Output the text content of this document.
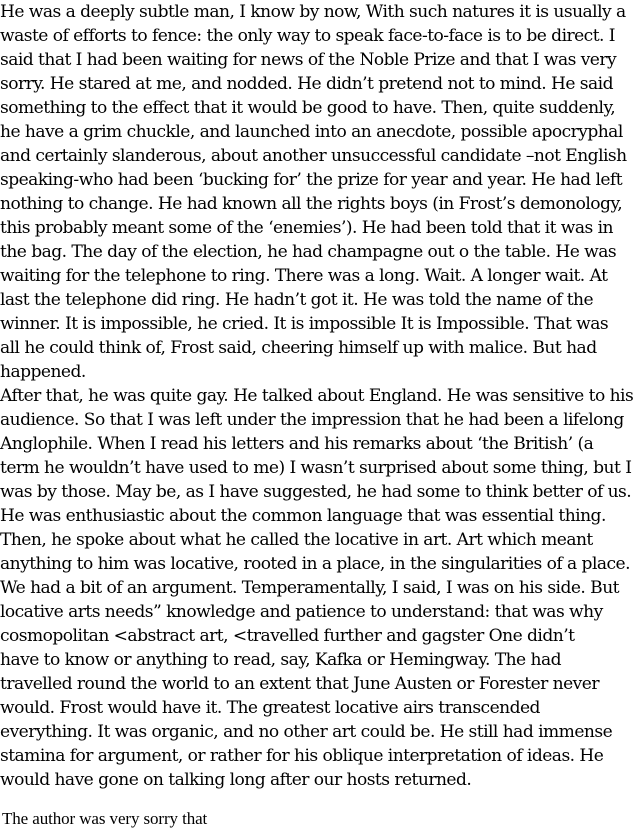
He was a deeply subtle man, I know by now, With such natures it is usually a
waste of efforts to fence: the only way to speak face-to-face is to be direct. I
said that I had been waiting for news of the Noble Prize and that I was very
sorry. He stared at me, and nodded. He didn’t pretend not to mind. He said
something to the effect that it would be good to have. Then, quite suddenly,
he have a grim chuckle, and launched into an anecdote, possible apocryphal
and certainly slanderous, about another unsuccessful candidate –not English
speaking-who had been ‘bucking for’ the prize for year and year. He had left
nothing to change. He had known all the rights boys (in Frost’s demonology,
this probably meant some of the ‘enemies’). He had been told that it was in
the bag. The day of the election, he had champagne out o the table. He was
waiting for the telephone to ring. There was a long. Wait. A longer wait. At
last the telephone did ring. He hadn’t got it. He was told the name of the
winner. It is impossible, he cried. It is impossible It is Impossible. That was
all he could think of, Frost said, cheering himself up with malice. But had
happened.
After that, he was quite gay. He talked about England. He was sensitive to his
audience. So that I was left under the impression that he had been a lifelong
Anglophile. When I read his letters and his remarks about ‘the British’ (a
term he wouldn’t have used to me) I wasn’t surprised about some thing, but I
was by those. May be, as I have suggested, he had some to think better of us.
He was enthusiastic about the common language that was essential thing.
Then, he spoke about what he called the locative in art. Art which meant
anything to him was locative, rooted in a place, in the singularities of a place.
We had a bit of an argument. Temperamentally, I said, I was on his side. But
locative arts needs” knowledge and patience to understand: that was why
cosmopolitan <abstract art, <travelled further and gagster One didn’t
have to know or anything to read, say, Kafka or Hemingway. The had
travelled round the world to an extent that June Austen or Forester never
would. Frost would have it. The greatest locative airs transcended
everything. It was organic, and no other art could be. He still had immense
stamina for argument, or rather for his oblique interpretation of ideas. He
would have gone on talking long after our hosts returned.
The author was very sorry that
